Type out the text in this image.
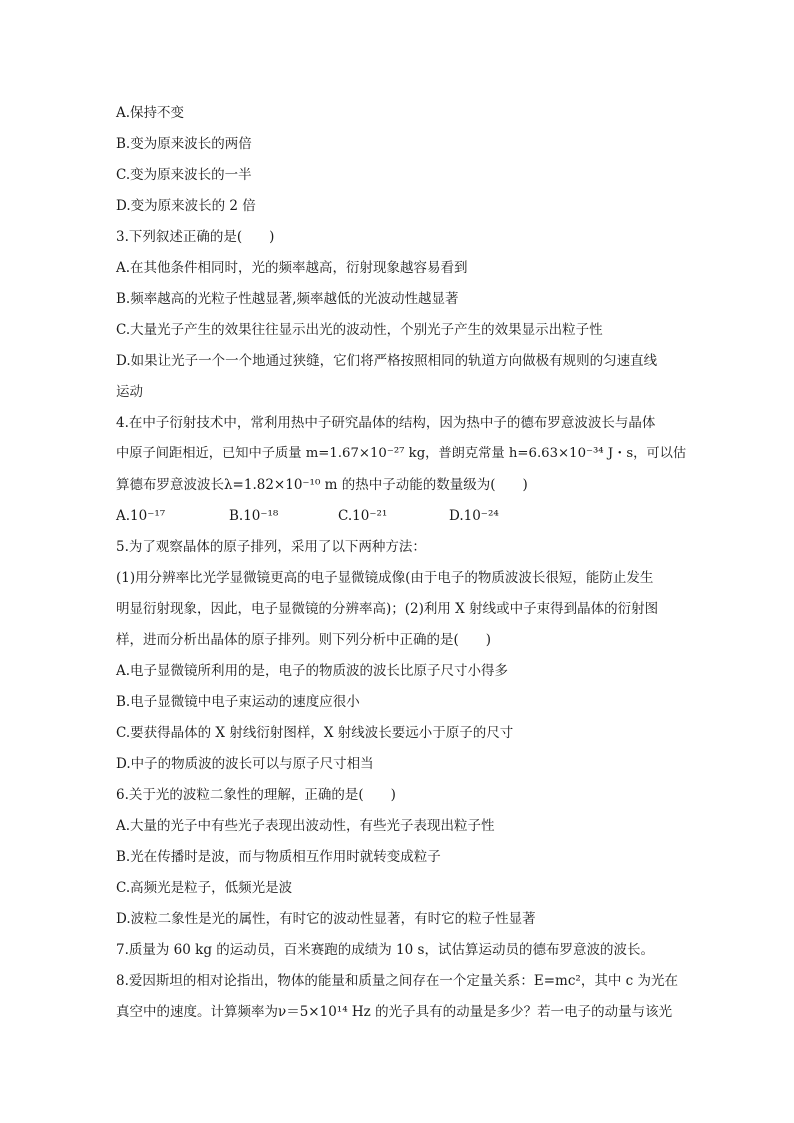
A.保持不变
B.变为原来波长的两倍
C.变为原来波长的一半
D.变为原来波长的 2 倍
3.下列叙述正确的是(　　)
A.在其他条件相同时，光的频率越高，衍射现象越容易看到
B.频率越高的光粒子性越显著,频率越低的光波动性越显著
C.大量光子产生的效果往往显示出光的波动性，个别光子产生的效果显示出粒子性
D.如果让光子一个一个地通过狭缝，它们将严格按照相同的轨道方向做极有规则的匀速直线
运动
4.在中子衍射技术中，常利用热中子研究晶体的结构，因为热中子的德布罗意波波长与晶体
中原子间距相近，已知中子质量 m=1.67×10⁻²⁷ kg，普朗克常量 h=6.63×10⁻³⁴ J・s，可以估
算德布罗意波波长λ=1.82×10⁻¹⁰ m 的热中子动能的数量级为(　　)
A.10⁻¹⁷	B.10⁻¹⁸	C.10⁻²¹	D.10⁻²⁴
5.为了观察晶体的原子排列，采用了以下两种方法：
(1)用分辨率比光学显微镜更高的电子显微镜成像(由于电子的物质波波长很短，能防止发生
明显衍射现象，因此，电子显微镜的分辨率高)；(2)利用 X 射线或中子束得到晶体的衍射图
样，进而分析出晶体的原子排列。则下列分析中正确的是(　　)
A.电子显微镜所利用的是，电子的物质波的波长比原子尺寸小得多
B.电子显微镜中电子束运动的速度应很小
C.要获得晶体的 X 射线衍射图样，X 射线波长要远小于原子的尺寸
D.中子的物质波的波长可以与原子尺寸相当
6.关于光的波粒二象性的理解，正确的是(　　)
A.大量的光子中有些光子表现出波动性，有些光子表现出粒子性
B.光在传播时是波，而与物质相互作用时就转变成粒子
C.高频光是粒子，低频光是波
D.波粒二象性是光的属性，有时它的波动性显著，有时它的粒子性显著
7.质量为 60 kg 的运动员，百米赛跑的成绩为 10 s，试估算运动员的德布罗意波的波长。
8.爱因斯坦的相对论指出，物体的能量和质量之间存在一个定量关系：E=mc²，其中 c 为光在
真空中的速度。计算频率为ν＝5×10¹⁴ Hz 的光子具有的动量是多少？若一电子的动量与该光
